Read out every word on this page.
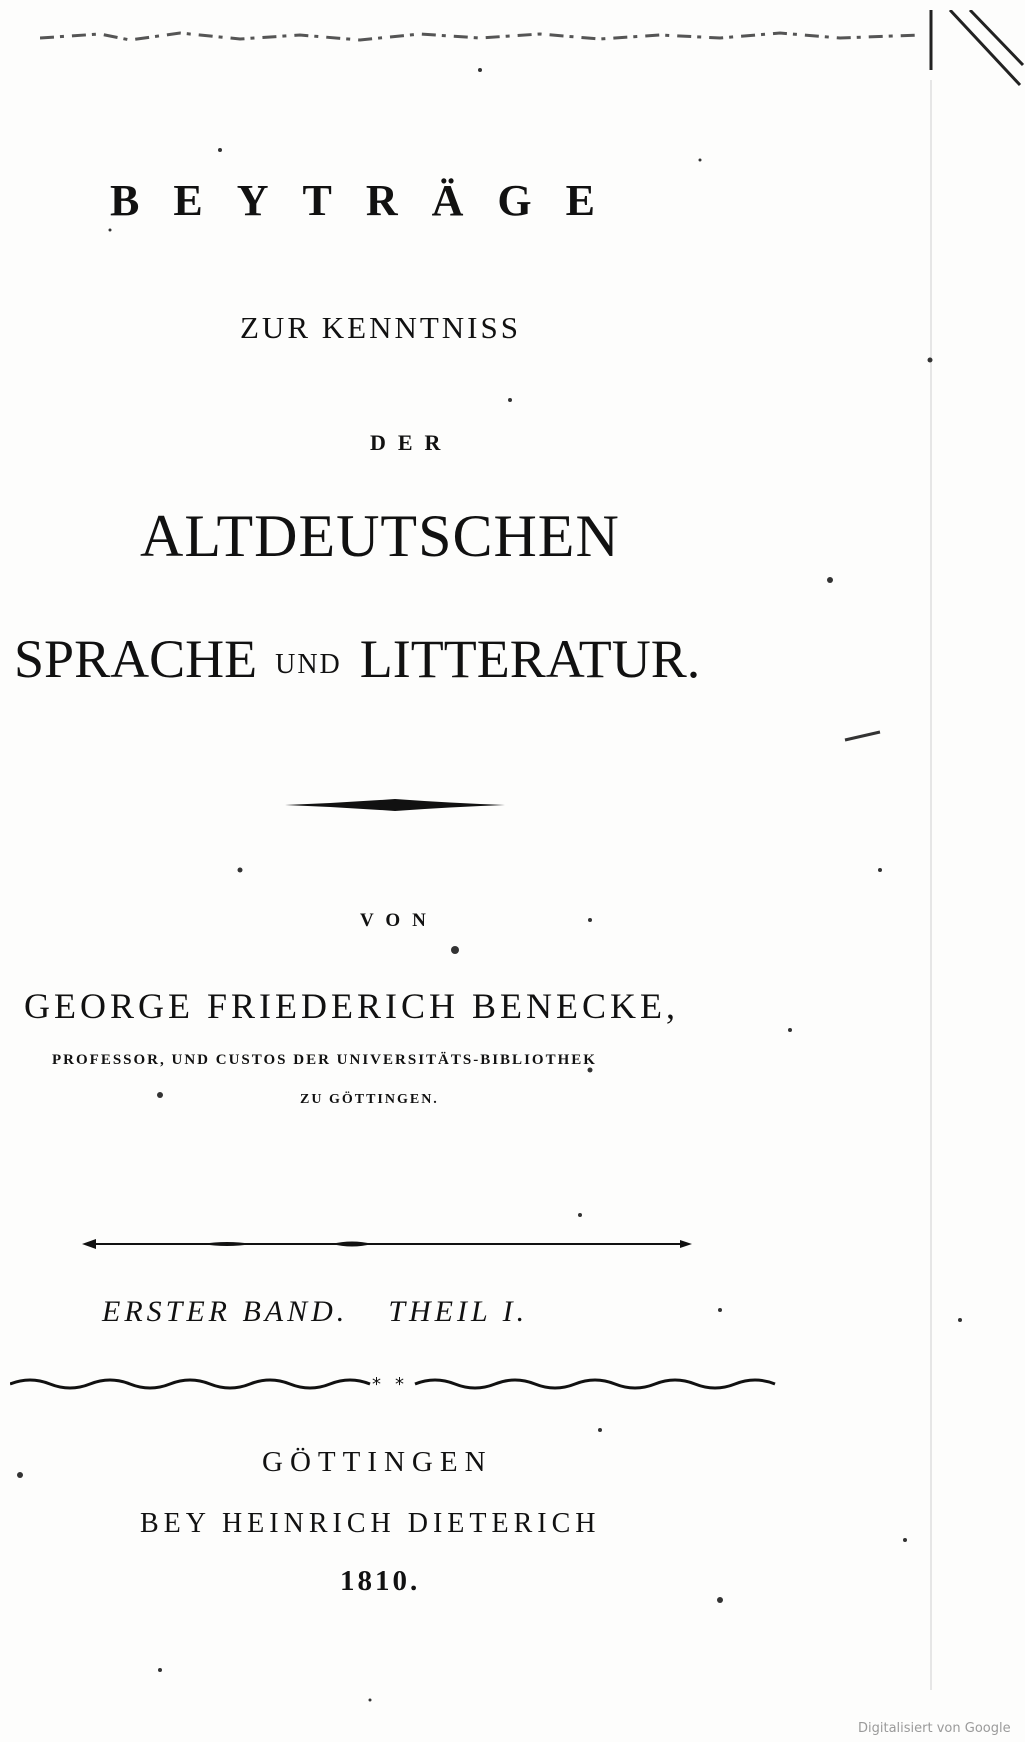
BEYTRÄGE
ZUR KENNTNISS
DER
ALTDEUTSCHEN
SPRACHE UND LITTERATUR.
VON
GEORGE FRIEDERICH BENECKE,
PROFESSOR, UND CUSTOS DER UNIVERSITÄTS-BIBLIOTHEK
ZU GÖTTINGEN.
ERSTER BAND. THEIL I.
* *
GÖTTINGEN
BEY HEINRICH DIETERICH
1810.
Digitalisiert von Google
